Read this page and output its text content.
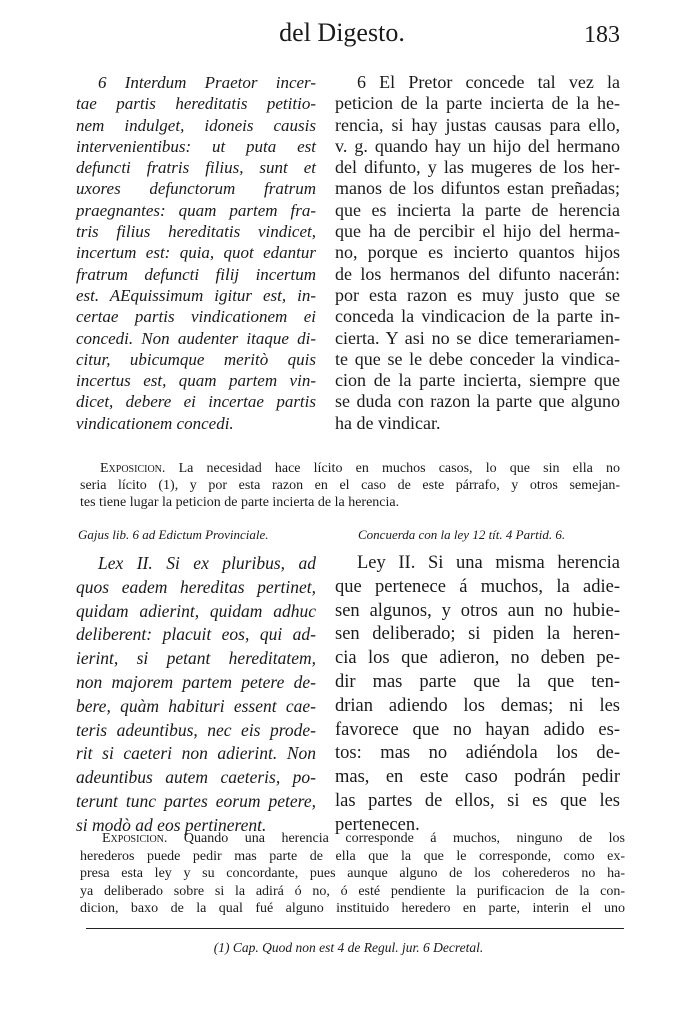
del Digesto.	183
6 Interdum Praetor incer-
tae partis hereditatis petitio-
nem indulget, idoneis causis
intervenientibus: ut puta est
defuncti fratris filius, sunt et
uxores defunctorum fratrum
praegnantes: quam partem fra-
tris filius hereditatis vindicet,
incertum est: quia, quot edantur
fratrum defuncti filij incertum
est. AEquissimum igitur est, in-
certae partis vindicationem ei
concedi. Non audenter itaque di-
citur, ubicumque meritò quis
incertus est, quam partem vin-
dicet, debere ei incertae partis
vindicationem concedi.
6 El Pretor concede tal vez la
peticion de la parte incierta de la he-
rencia, si hay justas causas para ello,
v. g. quando hay un hijo del hermano
del difunto, y las mugeres de los her-
manos de los difuntos estan preñadas;
que es incierta la parte de herencia
que ha de percibir el hijo del herma-
no, porque es incierto quantos hijos
de los hermanos del difunto nacerán:
por esta razon es muy justo que se
conceda la vindicacion de la parte in-
cierta. Y asi no se dice temerariamen-
te que se le debe conceder la vindica-
cion de la parte incierta, siempre que
se duda con razon la parte que alguno
ha de vindicar.
Exposicion. La necesidad hace lícito en muchos casos, lo que sin ella no
seria lícito (1), y por esta razon en el caso de este párrafo, y otros semejan-
tes tiene lugar la peticion de parte incierta de la herencia.
Gajus lib. 6 ad Edictum Provinciale.	Concuerda con la ley 12 tít. 4 Partid. 6.
Lex II. Si ex pluribus, ad
quos eadem hereditas pertinet,
quidam adierint, quidam adhuc
deliberent: placuit eos, qui ad-
ierint, si petant hereditatem,
non majorem partem petere de-
bere, quàm habituri essent cae-
teris adeuntibus, nec eis prode-
rit si caeteri non adierint. Non
adeuntibus autem caeteris, po-
terunt tunc partes eorum petere,
si modò ad eos pertinerent.
Ley II. Si una misma herencia
que pertenece á muchos, la adie-
sen algunos, y otros aun no hubie-
sen deliberado; si piden la heren-
cia los que adieron, no deben pe-
dir mas parte que la que ten-
drian adiendo los demas; ni les
favorece que no hayan adido es-
tos: mas no adiéndola los de-
mas, en este caso podrán pedir
las partes de ellos, si es que les
pertenecen.
Exposicion. Quando una herencia corresponde á muchos, ninguno de los
herederos puede pedir mas parte de ella que la que le corresponde, como ex-
presa esta ley y su concordante, pues aunque alguno de los coherederos no ha-
ya deliberado sobre si la adirá ó no, ó esté pendiente la purificacion de la con-
dicion, baxo de la qual fué alguno instituido heredero en parte, interin el uno
(1) Cap. Quod non est 4 de Regul. jur. 6 Decretal.
